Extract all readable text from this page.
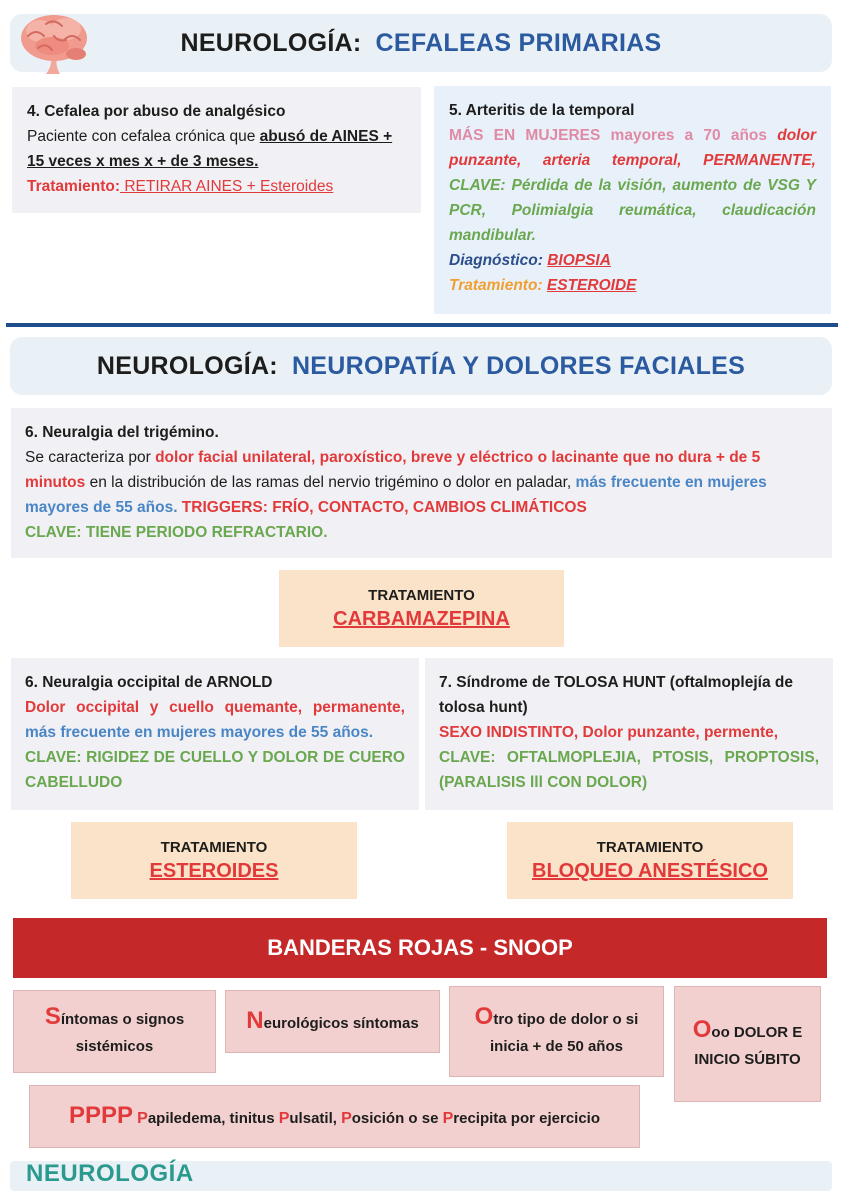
NEUROLOGÍA: CEFALEAS PRIMARIAS
4. Cefalea por abuso de analgésico
Paciente con cefalea crónica que abusó de AINES + 15 veces x mes x + de 3 meses.
Tratamiento: RETIRAR AINES + Esteroides
5. Arteritis de la temporal
MÁS EN MUJERES mayores a 70 años dolor punzante, arteria temporal, PERMANENTE, CLAVE: Pérdida de la visión, aumento de VSG Y PCR, Polimialgia reumática, claudicación mandibular.
Diagnóstico: BIOPSIA
Tratamiento: ESTEROIDE
NEUROLOGÍA: NEUROPATÍA Y DOLORES FACIALES
6. Neuralgia del trigémino.
Se caracteriza por dolor facial unilateral, paroxístico, breve y eléctrico o lacinante que no dura + de 5 minutos en la distribución de las ramas del nervio trigémino o dolor en paladar, más frecuente en mujeres mayores de 55 años. TRIGGERS: FRÍO, CONTACTO, CAMBIOS CLIMÁTICOS
CLAVE: TIENE PERIODO REFRACTARIO.
TRATAMIENTO
CARBAMAZEPINA
6. Neuralgia occipital de ARNOLD
Dolor occipital y cuello quemante, permanente, más frecuente en mujeres mayores de 55 años.
CLAVE: RIGIDEZ DE CUELLO Y DOLOR DE CUERO CABELLUDO
7. Síndrome de TOLOSA HUNT (oftalmoplejía de tolosa hunt)
SEXO INDISTINTO, Dolor punzante, permente,
CLAVE: OFTALMOPLEJIA, PTOSIS, PROPTOSIS, (PARALISIS lll CON DOLOR)
TRATAMIENTO
ESTEROIDES
TRATAMIENTO
BLOQUEO ANESTÉSICO
BANDERAS ROJAS - SNOOP
Síntomas o signos
sistémicos
Neurológicos síntomas Otro tipo de dolor o si
inicia + de 50 años
Ooo DOLOR E
INICIO SÚBITO
PPPP Papiledema, tinitus Pulsatil, Posición o se Precipita por ejercicio
NEUROLOGÍA
